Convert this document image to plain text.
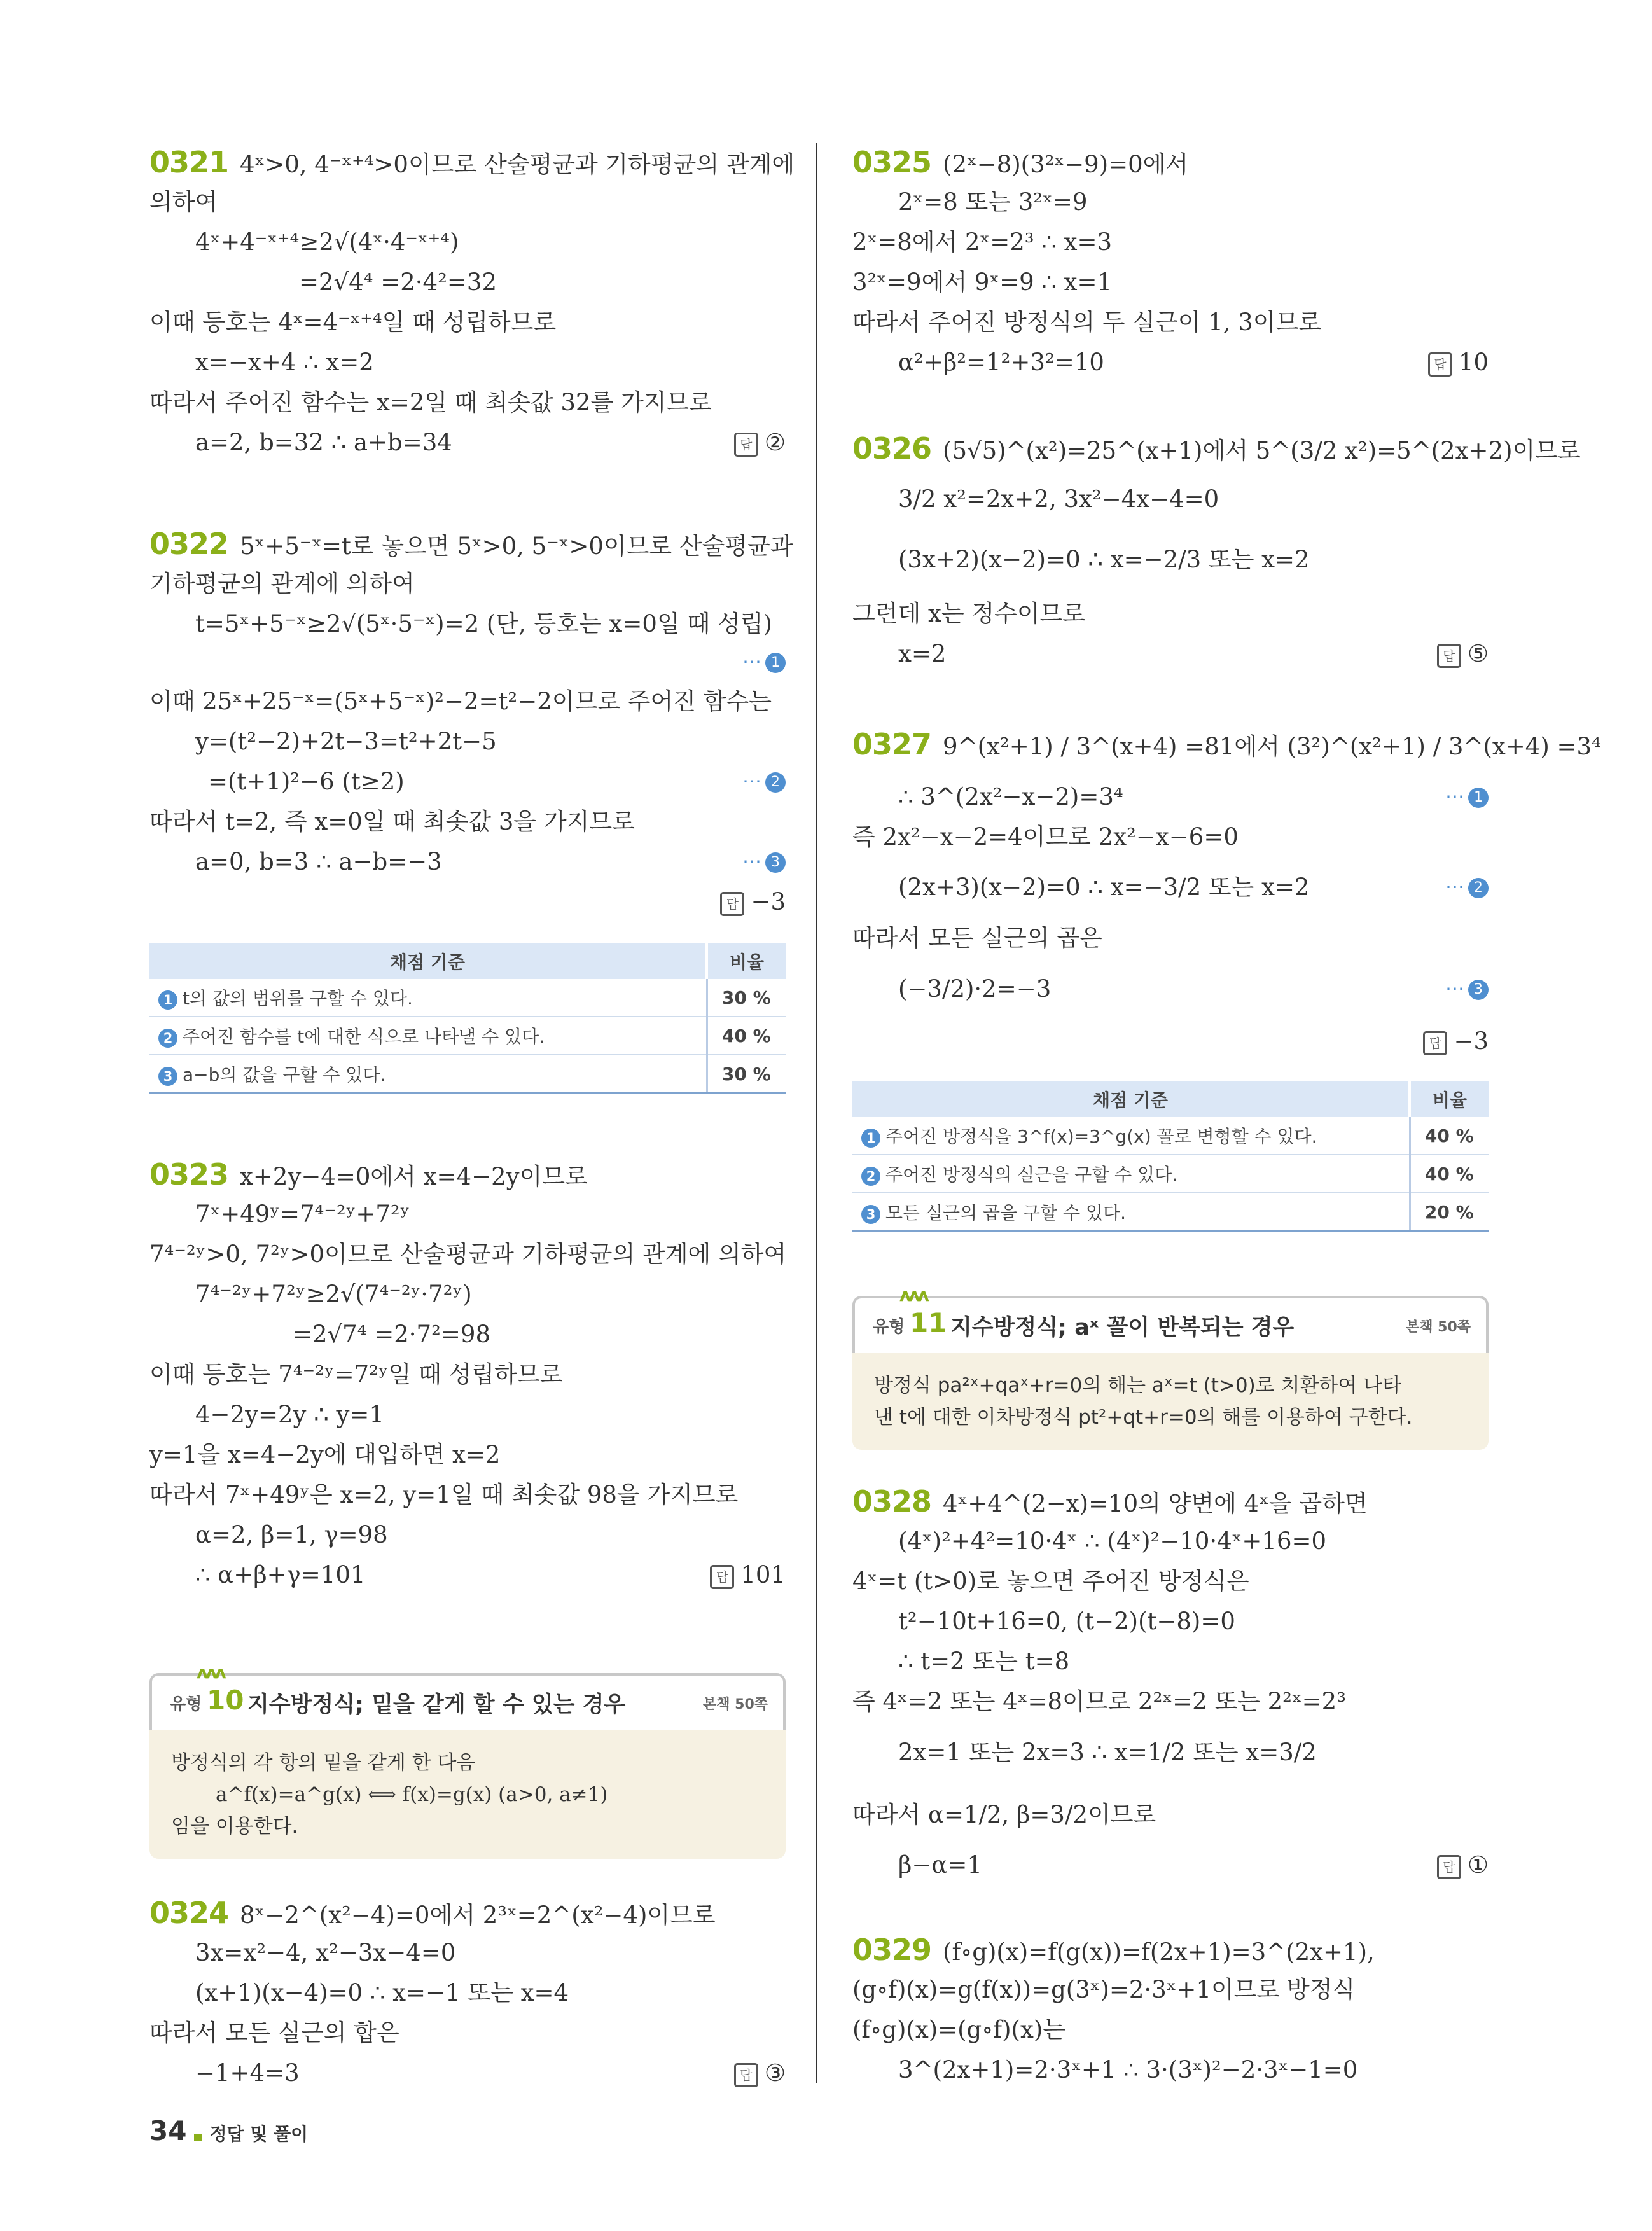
0321 4ˣ>0, 4⁻ˣ⁺⁴>0이므로 산술평균과 기하평균의 관계에
의하여
4ˣ+4⁻ˣ⁺⁴≥2√(4ˣ·4⁻ˣ⁺⁴)
=2√4⁴ =2·4²=32
이때 등호는 4ˣ=4⁻ˣ⁺⁴일 때 성립하므로
x=−x+4 ∴ x=2
따라서 주어진 함수는 x=2일 때 최솟값 32를 가지므로
a=2, b=32 ∴ a+b=34	답 ②
0322 5ˣ+5⁻ˣ=t로 놓으면 5ˣ>0, 5⁻ˣ>0이므로 산술평균과
기하평균의 관계에 의하여
t=5ˣ+5⁻ˣ≥2√(5ˣ·5⁻ˣ)=2 (단, 등호는 x=0일 때 성립)
⋯ 1
이때 25ˣ+25⁻ˣ=(5ˣ+5⁻ˣ)²−2=t²−2이므로 주어진 함수는
y=(t²−2)+2t−3=t²+2t−5
=(t+1)²−6 (t≥2)	⋯ 2
따라서 t=2, 즉 x=0일 때 최솟값 3을 가지므로
a=0, b=3 ∴ a−b=−3	⋯ 3
답 −3
채점 기준	비율
1 t의 값의 범위를 구할 수 있다.	30 %
2 주어진 함수를 t에 대한 식으로 나타낼 수 있다.	40 %
3 a−b의 값을 구할 수 있다.	30 %
0323 x+2y−4=0에서 x=4−2y이므로
7ˣ+49ʸ=7⁴⁻²ʸ+7²ʸ
7⁴⁻²ʸ>0, 7²ʸ>0이므로 산술평균과 기하평균의 관계에 의하여
7⁴⁻²ʸ+7²ʸ≥2√(7⁴⁻²ʸ·7²ʸ)
=2√7⁴ =2·7²=98
이때 등호는 7⁴⁻²ʸ=7²ʸ일 때 성립하므로
4−2y=2y ∴ y=1
y=1을 x=4−2y에 대입하면 x=2
따라서 7ˣ+49ʸ은 x=2, y=1일 때 최솟값 98을 가지므로
α=2, β=1, γ=98
∴ α+β+γ=101	답 101
ʌʌʌ
유형 10 지수방정식; 밑을 같게 할 수 있는 경우	본책 50쪽
방정식의 각 항의 밑을 같게 한 다음
a^f(x)=a^g(x) ⟺ f(x)=g(x) (a>0, a≠1)
임을 이용한다.
0324 8ˣ−2^(x²−4)=0에서 2³ˣ=2^(x²−4)이므로
3x=x²−4, x²−3x−4=0
(x+1)(x−4)=0 ∴ x=−1 또는 x=4
따라서 모든 실근의 합은
−1+4=3	답 ③
0325 (2ˣ−8)(3²ˣ−9)=0에서
2ˣ=8 또는 3²ˣ=9
2ˣ=8에서 2ˣ=2³ ∴ x=3
3²ˣ=9에서 9ˣ=9 ∴ x=1
따라서 주어진 방정식의 두 실근이 1, 3이므로
α²+β²=1²+3²=10	답 10
0326 (5√5)^(x²)=25^(x+1)에서 5^(3/2 x²)=5^(2x+2)이므로
3/2 x²=2x+2, 3x²−4x−4=0
(3x+2)(x−2)=0 ∴ x=−2/3 또는 x=2
그런데 x는 정수이므로
x=2	답 ⑤
0327 9^(x²+1) / 3^(x+4) =81에서 (3²)^(x²+1) / 3^(x+4) =3⁴
∴ 3^(2x²−x−2)=3⁴	⋯ 1
즉 2x²−x−2=4이므로 2x²−x−6=0
(2x+3)(x−2)=0 ∴ x=−3/2 또는 x=2	⋯ 2
따라서 모든 실근의 곱은
(−3/2)·2=−3	⋯ 3
답 −3
채점 기준	비율
1 주어진 방정식을 3^f(x)=3^g(x) 꼴로 변형할 수 있다.	40 %
2 주어진 방정식의 실근을 구할 수 있다.	40 %
3 모든 실근의 곱을 구할 수 있다.	20 %
ʌʌʌ
유형 11 지수방정식; aˣ 꼴이 반복되는 경우	본책 50쪽
방정식 pa²ˣ+qaˣ+r=0의 해는 aˣ=t (t>0)로 치환하여 나타
낸 t에 대한 이차방정식 pt²+qt+r=0의 해를 이용하여 구한다.
0328 4ˣ+4^(2−x)=10의 양변에 4ˣ을 곱하면
(4ˣ)²+4²=10·4ˣ ∴ (4ˣ)²−10·4ˣ+16=0
4ˣ=t (t>0)로 놓으면 주어진 방정식은
t²−10t+16=0, (t−2)(t−8)=0
∴ t=2 또는 t=8
즉 4ˣ=2 또는 4ˣ=8이므로 2²ˣ=2 또는 2²ˣ=2³
2x=1 또는 2x=3 ∴ x=1/2 또는 x=3/2
따라서 α=1/2, β=3/2이므로
β−α=1	답 ①
0329 (f∘g)(x)=f(g(x))=f(2x+1)=3^(2x+1),
(g∘f)(x)=g(f(x))=g(3ˣ)=2·3ˣ+1이므로 방정식
(f∘g)(x)=(g∘f)(x)는
3^(2x+1)=2·3ˣ+1 ∴ 3·(3ˣ)²−2·3ˣ−1=0
34 정답 및 풀이
